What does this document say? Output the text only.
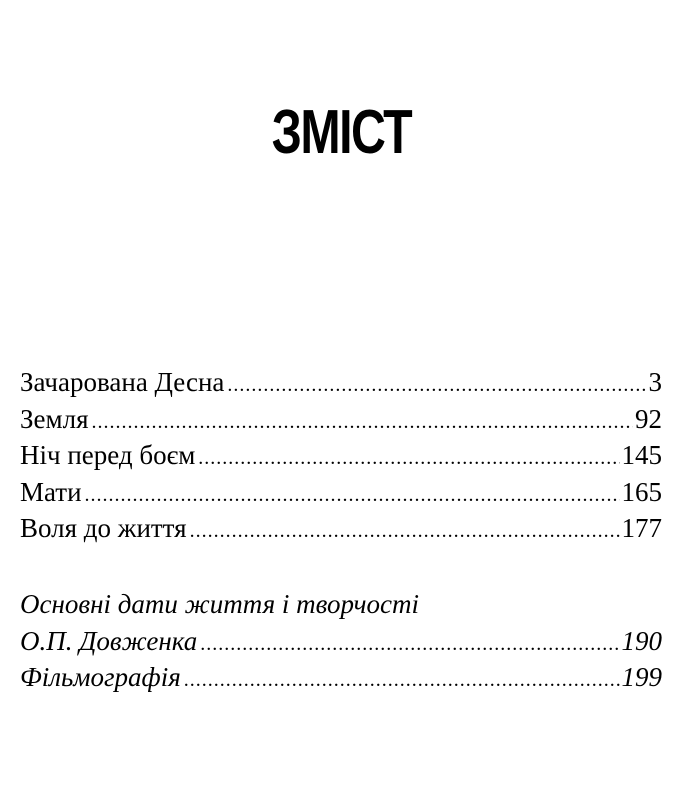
ЗМІСТ
Зачарована Десна .....	3
Земля .....	92
Ніч перед боєм .....	145
Мати .....	165
Воля до життя .....	177
Основні дати життя і творчості
О.П. Довженка .....	190
Фільмографія .....	199
